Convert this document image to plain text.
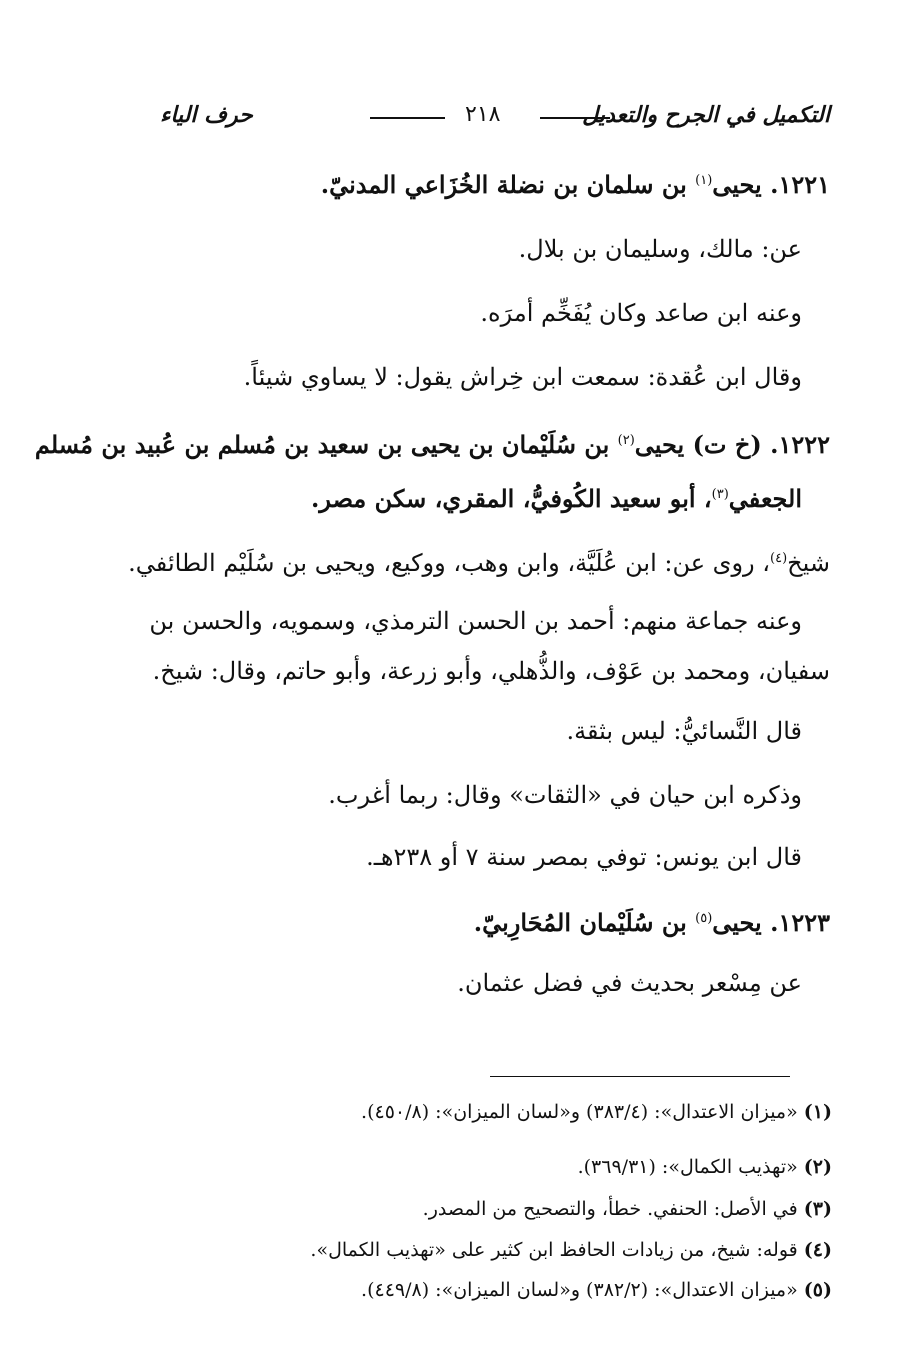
التكميل في الجرح والتعديل
٢١٨
حرف الياء
١٢٢١. يحيى$^{(١)}$ بن سلمان بن نضلة الخُزَاعي المدنيّ.
عن: مالك، وسليمان بن بلال.
وعنه ابن صاعد وكان يُفَخِّم أمرَه.
وقال ابن عُقدة: سمعت ابن خِراش يقول: لا يساوي شيئاً.
١٢٢٢. (خ ت) يحيى$^{(٢)}$ بن سُلَيْمان بن يحيى بن سعيد بن مُسلم بن عُبيد بن مُسلم
الجعفي$^{(٣)}$، أبو سعيد الكُوفيُّ، المقري، سكن مصر.
شيخ$^{(٤)}$، روى عن: ابن عُلَيَّة، وابن وهب، ووكيع، ويحيى بن سُلَيْم الطائفي.
وعنه جماعة منهم: أحمد بن الحسن الترمذي، وسمويه، والحسن بن
سفيان، ومحمد بن عَوْف، والذُّهلي، وأبو زرعة، وأبو حاتم، وقال: شيخ.
قال النَّسائيُّ: ليس بثقة.
وذكره ابن حيان في «الثقات» وقال: ربما أغرب.
قال ابن يونس: توفي بمصر سنة ٧ أو ٢٣٨هـ.
١٢٢٣. يحيى$^{(٥)}$ بن سُلَيْمان المُحَارِبيّ.
عن مِسْعر بحديث في فضل عثمان.
(١) «ميزان الاعتدال»: (٣٨٣/٤) و«لسان الميزان»: (٤٥٠/٨).
(٢) «تهذيب الكمال»: (٣٦٩/٣١).
(٣) في الأصل: الحنفي. خطأ، والتصحيح من المصدر.
(٤) قوله: شيخ، من زيادات الحافظ ابن كثير على «تهذيب الكمال».
(٥) «ميزان الاعتدال»: (٣٨٢/٢) و«لسان الميزان»: (٤٤٩/٨).
